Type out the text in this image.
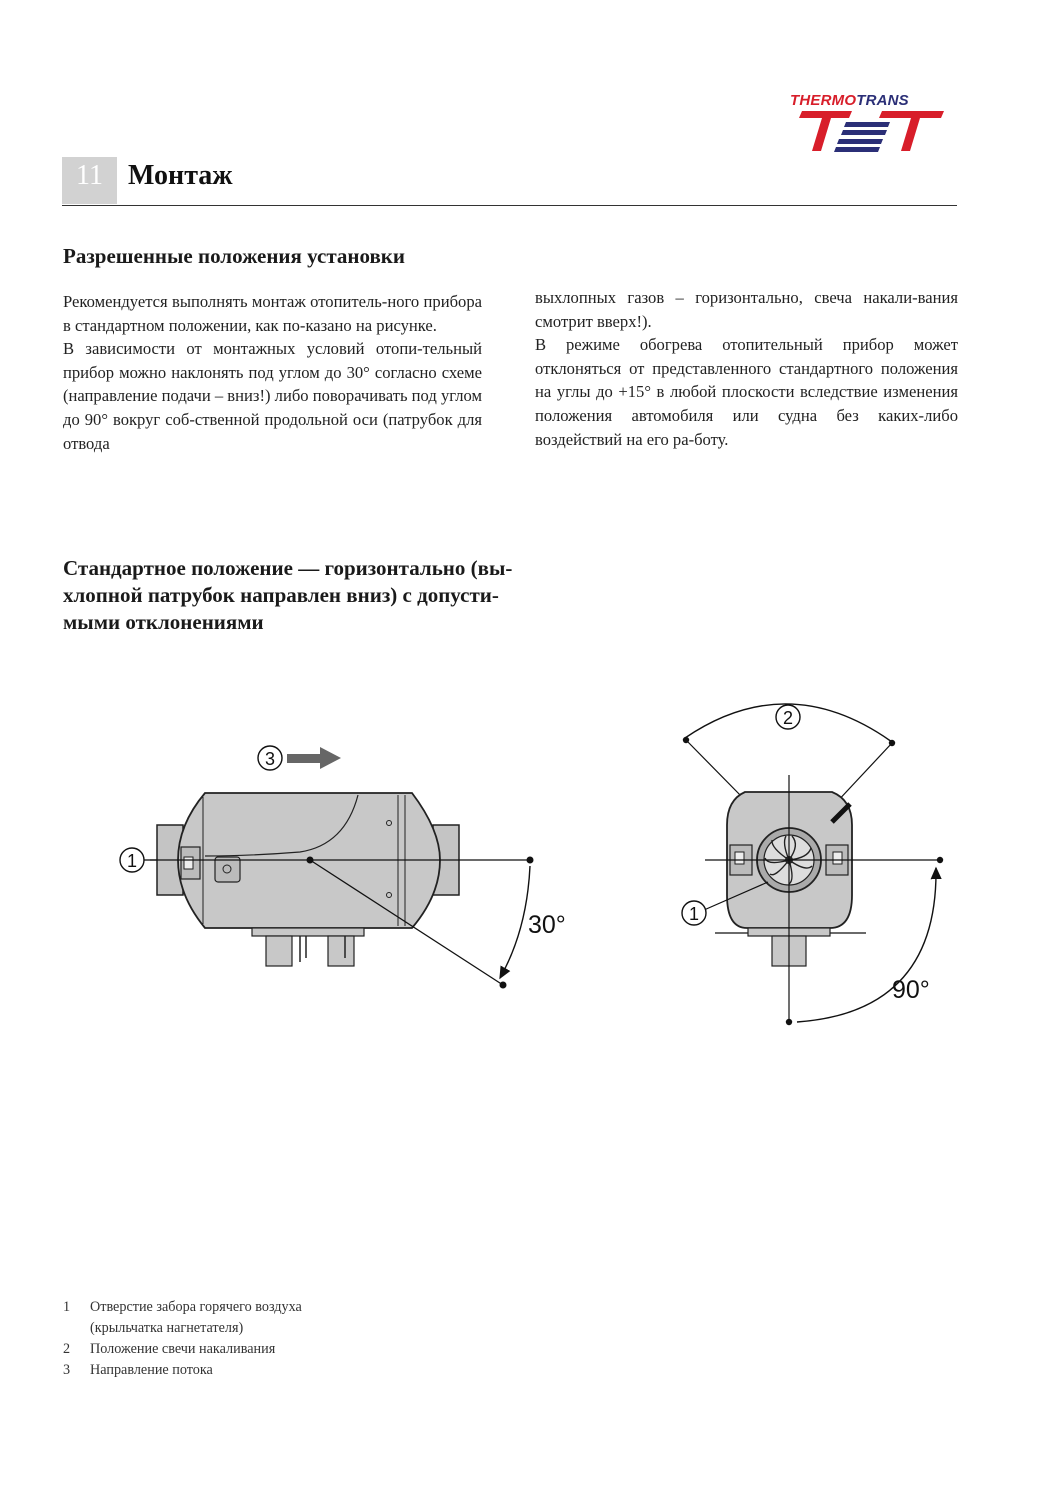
THERMOTRANS
11 Монтаж
Разрешенные положения установки

Рекомендуется выполнять монтаж отопитель-ного прибора в стандартном положении, как по-казано на рисунке.

В зависимости от монтажных условий отопи-тельный прибор можно наклонять под углом до 30° согласно схеме (направление подачи – вниз!) либо поворачивать под углом до 90° вокруг соб-ственной продольной оси (патрубок для отвода

выхлопных газов – горизонтально, свеча накали-вания смотрит вверх!).

В режиме обогрева отопительный прибор может отклоняться от представленного стандартного положения на углы до +15° в любой плоскости вследствие изменения положения автомобиля или судна без каких-либо воздействий на его ра-боту.

Стандартное положение — горизонтально (вы-хлопной патрубок направлен вниз) с допусти-мыми отклонениями
1
3
30°	1
2
90°
1	Отверстие забора горячего воздуха
(крыльчатка нагнетателя)
2	Положение свечи накаливания
3	Направление потока
